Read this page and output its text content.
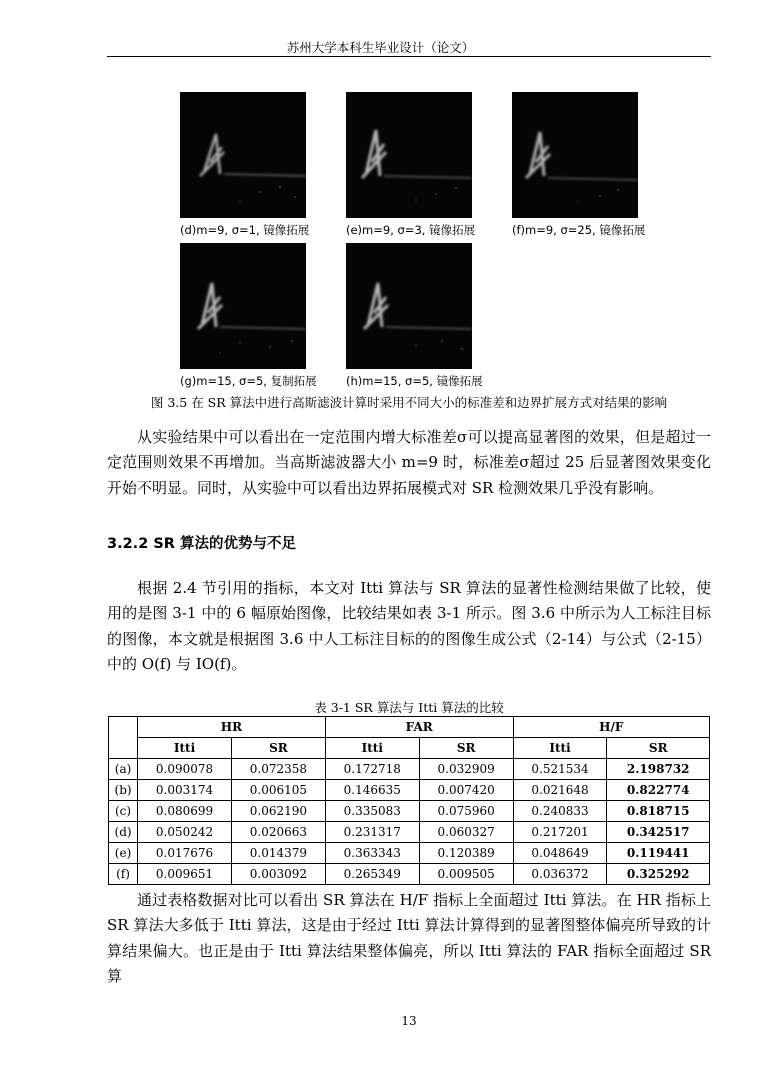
苏州大学本科生毕业设计（论文）
(d)m=9, σ=1, 镜像拓展	(e)m=9, σ=3, 镜像拓展	(f)m=9, σ=25, 镜像拓展
(g)m=15, σ=5, 复制拓展	(h)m=15, σ=5, 镜像拓展
图 3.5 在 SR 算法中进行高斯滤波计算时采用不同大小的标准差和边界扩展方式对结果的影响

从实验结果中可以看出在一定范围内增大标准差σ可以提高显著图的效果，但是超过一定范围则效果不再增加。当高斯滤波器大小 m=9 时，标准差σ超过 25 后显著图效果变化开始不明显。同时，从实验中可以看出边界拓展模式对 SR 检测效果几乎没有影响。

3.2.2 SR 算法的优势与不足

根据 2.4 节引用的指标，本文对 Itti 算法与 SR 算法的显著性检测结果做了比较，使用的是图 3-1 中的 6 幅原始图像，比较结果如表 3-1 所示。图 3.6 中所示为人工标注目标的图像，本文就是根据图 3.6 中人工标注目标的的图像生成公式（2-14）与公式（2-15）中的 O(f) 与 IO(f)。

表 3-1 SR 算法与 Itti 算法的比较
	HR		FAR		H/F	
	Itti	SR	Itti	SR	Itti	SR
(a)	0.090078	0.072358	0.172718	0.032909	0.521534	2.198732
(b)	0.003174	0.006105	0.146635	0.007420	0.021648	0.822774
(c)	0.080699	0.062190	0.335083	0.075960	0.240833	0.818715
(d)	0.050242	0.020663	0.231317	0.060327	0.217201	0.342517
(e)	0.017676	0.014379	0.363343	0.120389	0.048649	0.119441
(f)	0.009651	0.003092	0.265349	0.009505	0.036372	0.325292

通过表格数据对比可以看出 SR 算法在 H/F 指标上全面超过 Itti 算法。在 HR 指标上 SR 算法大多低于 Itti 算法，这是由于经过 Itti 算法计算得到的显著图整体偏亮所导致的计算结果偏大。也正是由于 Itti 算法结果整体偏亮，所以 Itti 算法的 FAR 指标全面超过 SR 算

13
